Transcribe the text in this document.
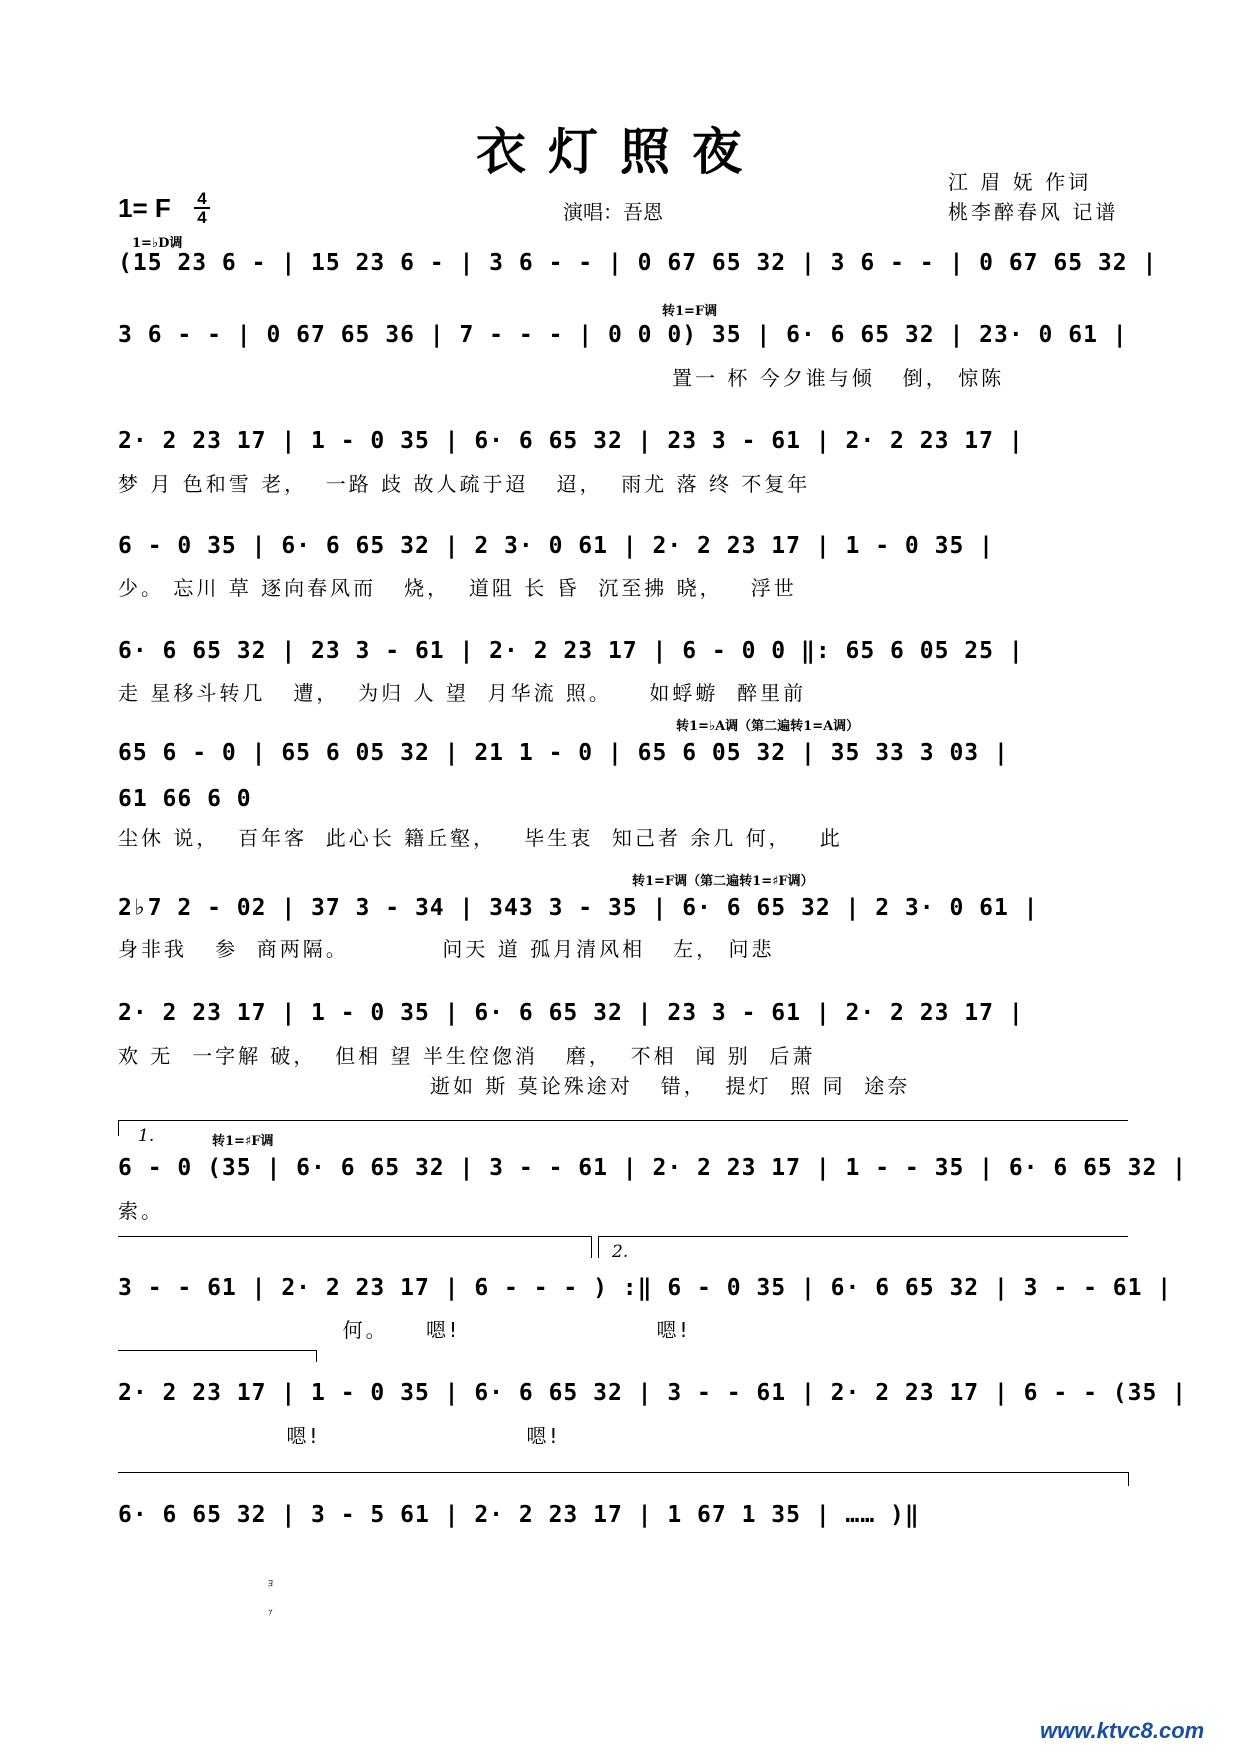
衣灯照夜
1= F 4
4	演唱：吾恩
江 眉 妩 作词
桃李醉春风 记谱
1=♭D调
转1=F调
转1=♭A调（第二遍转1=A调）
转1=F调（第二遍转1=♯F调）
转1=♯F调
(15 23 6 - | 15 23 6 - | 3 6 - - | 0 67 65 32 | 3 6 - - | 0 67 65 32 |
3 6 - - | 0 67 65 36 | 7 - - - | 0 0 0) 35 | 6· 6 65 32 | 23· 0 61 |
置一 杯 今夕谁与倾   倒， 惊陈
2· 2 23 17 | 1 - 0 35 | 6· 6 65 32 | 23 3 - 61 | 2· 2 23 17 |
梦 月 色和雪 老，  一路 歧 故人疏于迢   迢，  雨尤 落 终 不复年
6 - 0 35 | 6· 6 65 32 | 2 3· 0 61 | 2· 2 23 17 | 1 - 0 35 |
少。 忘川 草 逐向春风而   烧，  道阻 长 昏  沉至拂 晓，   浮世
6· 6 65 32 | 23 3 - 61 | 2· 2 23 17 | 6 - 0 0 ‖: 65 6 05 25 |
走 星移斗转几   遭，  为归 人 望  月华流 照。    如蜉蝣  醉里前
65 6 - 0 | 65 6 05 32 | 21 1 - 0 | 65 6 05 32 | 35 33 3 03 |
61 66 6 0
尘休 说，  百年客  此心长 籍丘壑，   毕生衷  知己者 余几 何，   此
2♭7 2 - 02 | 37 3 - 34 | 343 3 - 35 | 6· 6 65 32 | 2 3· 0 61 |
身非我   参  商两隔。          问天 道 孤月清风相   左， 问悲
2· 2 23 17 | 1 - 0 35 | 6· 6 65 32 | 23 3 - 61 | 2· 2 23 17 |
欢 无  一字解 破，  但相 望 半生倥偬消   磨，  不相  闻 别  后萧
逝如 斯 莫论殊途对   错，  提灯  照 同  途奈
1.
6 - 0 (35 | 6· 6 65 32 | 3 - - 61 | 2· 2 23 17 | 1 - - 35 | 6· 6 65 32 |
索。
2.
3 - - 61 | 2· 2 23 17 | 6 - - - ) :‖ 6 - 0 35 | 6· 6 65 32 | 3 - - 61 |
何。    嗯!                     嗯!
2· 2 23 17 | 1 - 0 35 | 6· 6 65 32 | 3 - - 61 | 2· 2 23 17 | 6 - - (35 |
嗯!                      嗯!
6· 6 65 32 | 3 - 5 61 | 2· 2 23 17 | 1 67 1 35 | …… )‖
ﾖ
ｧ
www.ktvc8.com
